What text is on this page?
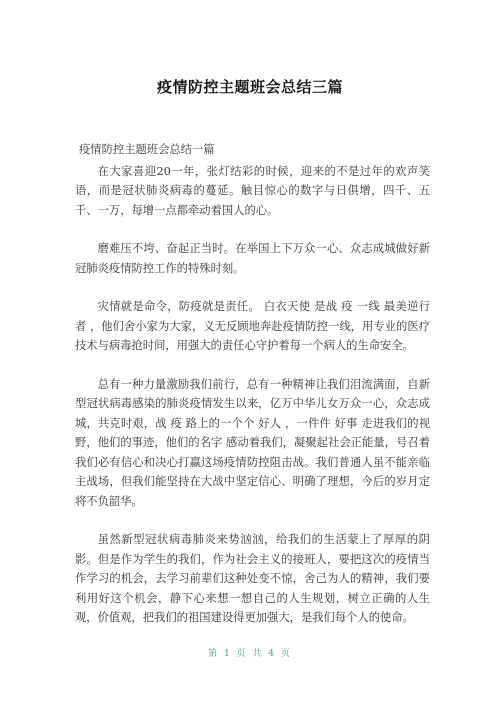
疫情防控主题班会总结三篇

疫情防控主题班会总结一篇

在大家喜迎20一年，张灯结彩的时候，迎来的不是过年的欢声笑语，而是冠状肺炎病毒的蔓延。触目惊心的数字与日俱增，四千、五千、一万，每增一点都牵动着国人的心。

磨难压不垮、奋起正当时。在举国上下万众一心、众志成城做好新冠肺炎疫情防控工作的特殊时刻。

灾情就是命令，防疫就是责任。 白衣天使 是战 疫 一线 最美逆行者 ，他们舍小家为大家，义无反顾地奔赴疫情防控一线，用专业的医疗技术与病毒抢时间，用强大的责任心守护着每一个病人的生命安全。

总有一种力量激励我们前行，总有一种精神让我们泪流满面，自新型冠状病毒感染的肺炎疫情发生以来，亿万中华儿女万众一心，众志成城，共克时艰，战 疫 路上的一个个 好人 ，一件件 好事 走进我们的视野，他们的事迹，他们的名字 感动着我们，凝聚起社会正能量，号召着我们必有信心和决心打赢这场疫情防控阻击战。我们普通人虽不能亲临主战场，但我们能坚持在大战中坚定信心、明确了理想，今后的岁月定将不负韶华。

虽然新型冠状病毒肺炎来势汹汹，给我们的生活蒙上了厚厚的阴影。但是作为学生的我们，作为社会主义的接班人，要把这次的疫情当作学习的机会，去学习前辈们这种处变不惊，舍己为人的精神，我们要利用好这个机会，静下心来想一想自己的人生规划，树立正确的人生观，价值观，把我们的祖国建设得更加强大，是我们每个人的使命。

第 1 页 共 4 页
